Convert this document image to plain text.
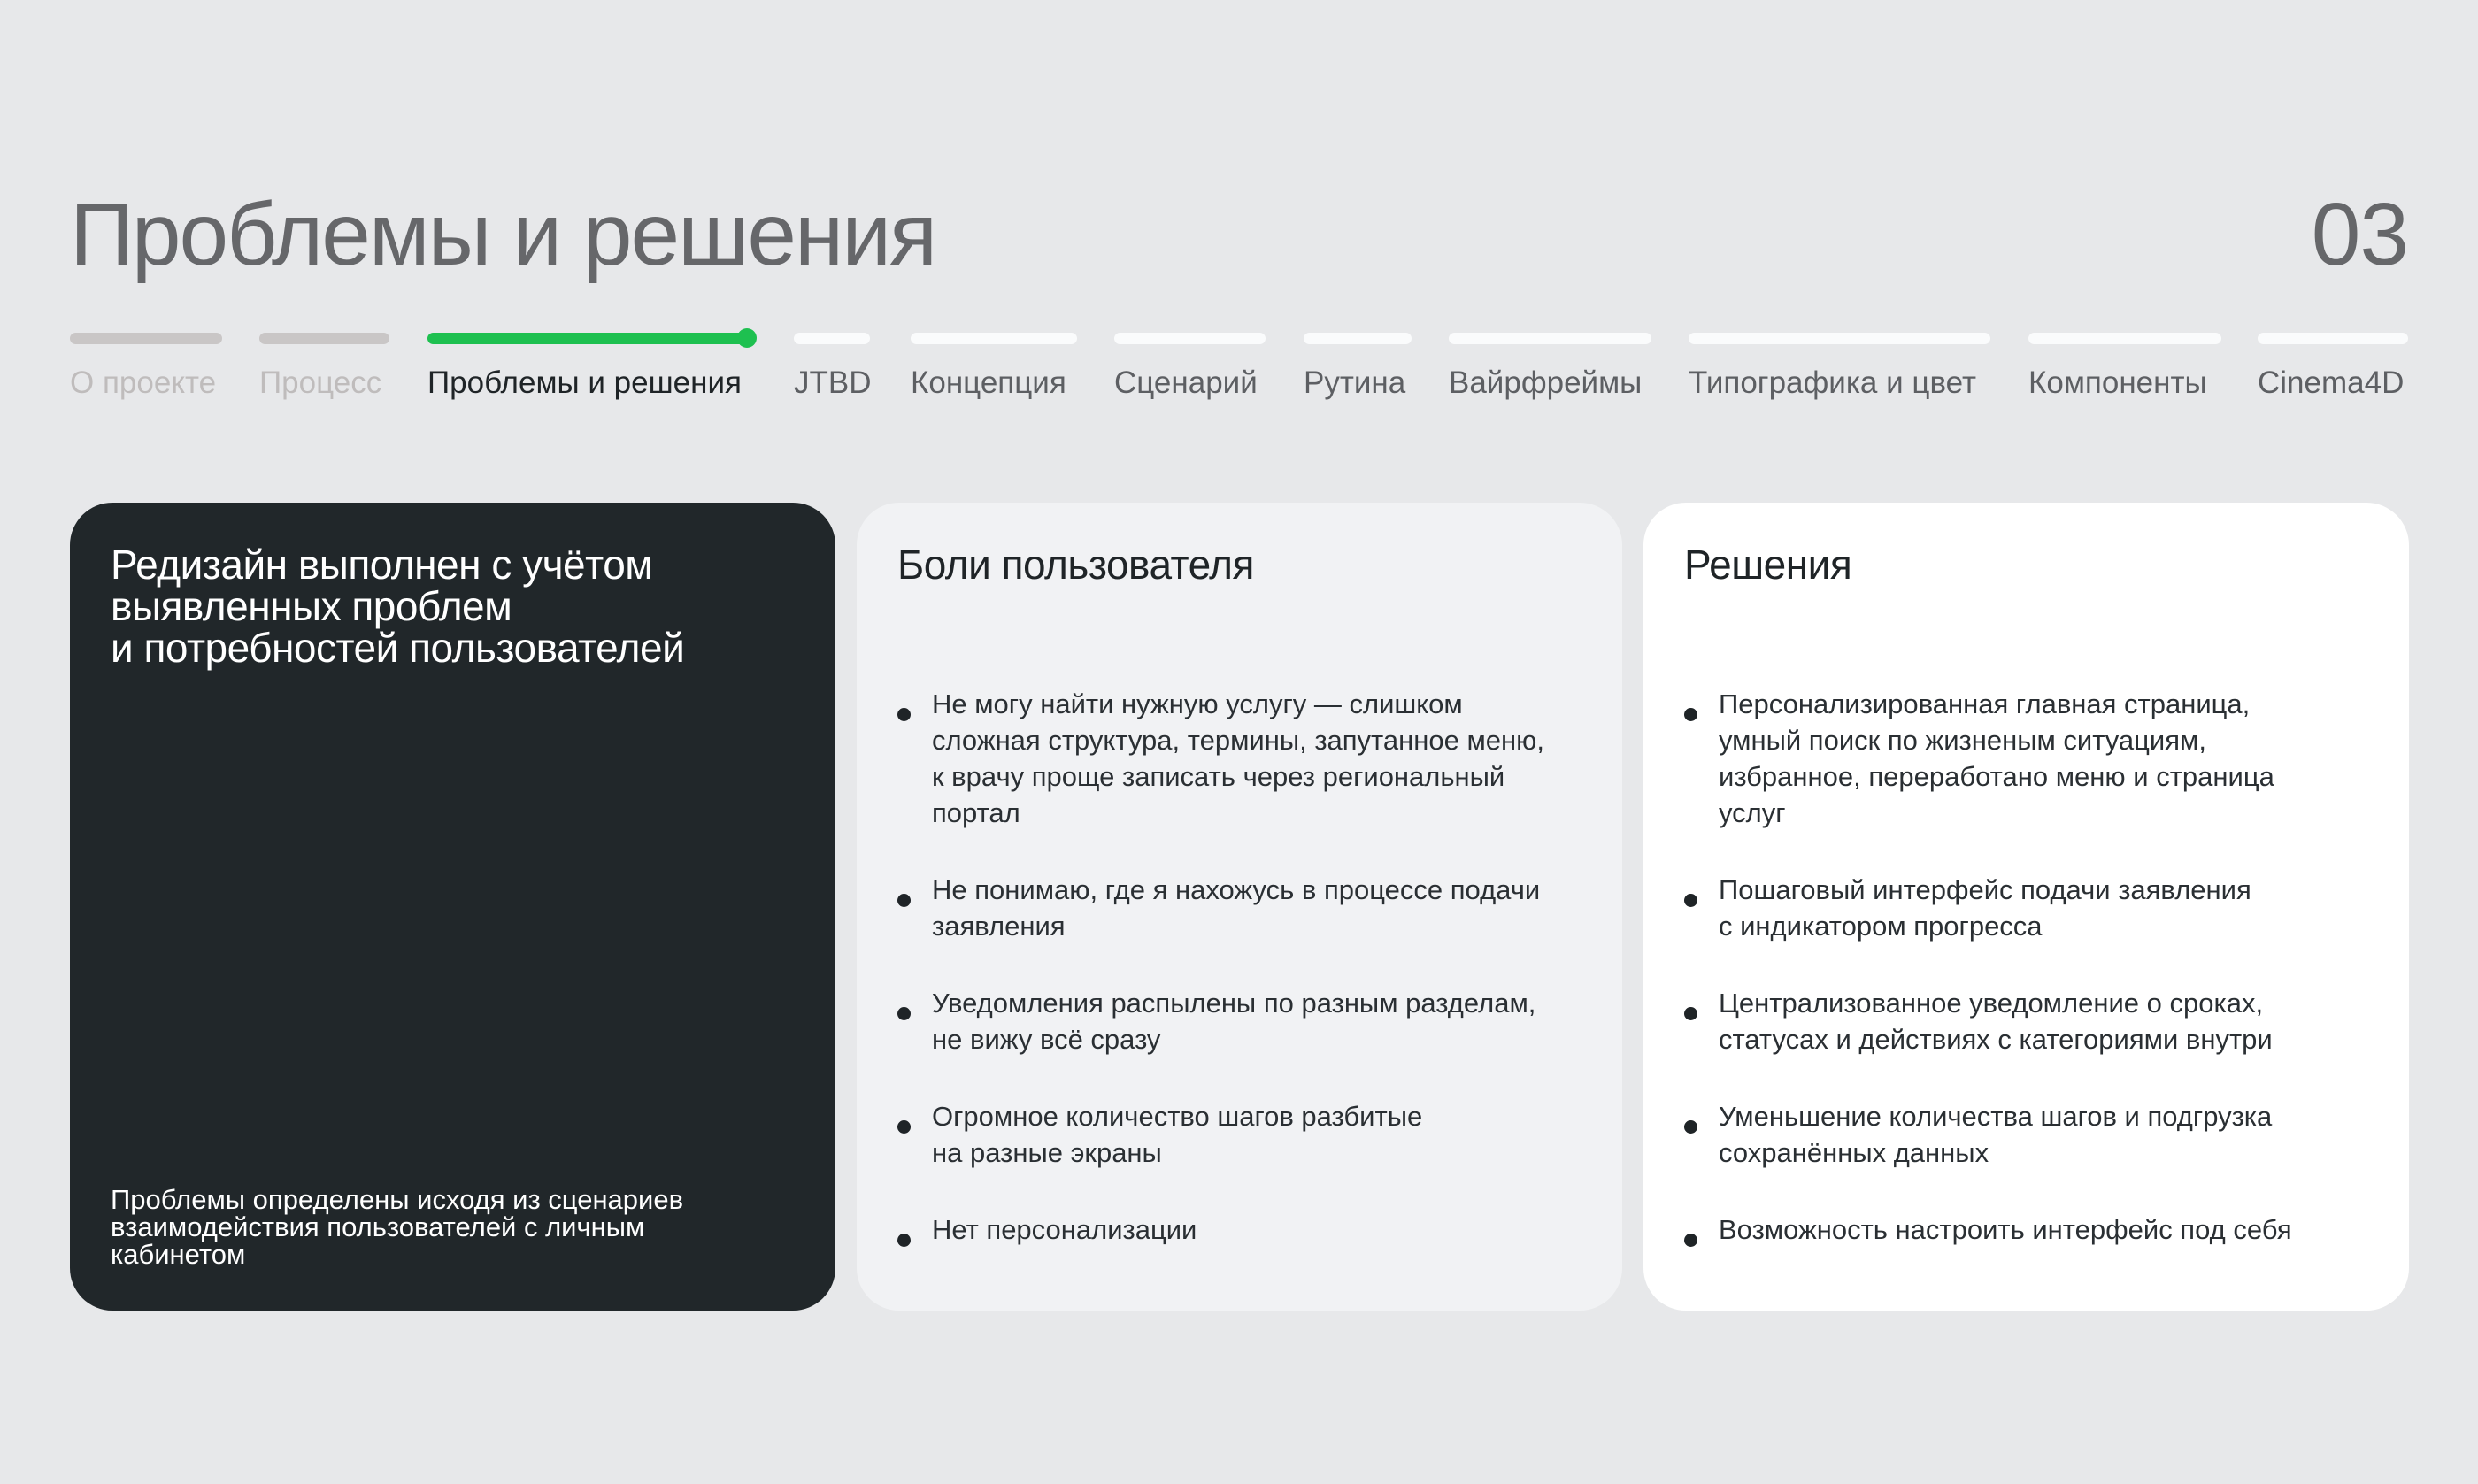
Проблемы и решения	03
О проекте Процесс Проблемы и решения JTBD Концепция Сценарий Рутина Вайрфреймы Типографика и цвет Компоненты Cinema4D
Редизайн выполнен с учётом
выявленных проблем
и потребностей пользователей
Проблемы определены исходя из сценариев
взаимодействия пользователей с личным
кабинетом
Боли пользователя
Не могу найти нужную услугу — слишком
сложная структура, термины, запутанное меню,
к врачу проще записать через региональный
портал
Не понимаю, где я нахожусь в процессе подачи
заявления
Уведомления распылены по разным разделам,
не вижу всё сразу
Огромное количество шагов разбитые
на разные экраны
Нет персонализации
Решения
Персонализированная главная страница,
умный поиск по жизненым ситуациям,
избранное, переработано меню и страница
услуг
Пошаговый интерфейс подачи заявления
с индикатором прогресса
Централизованное уведомление о сроках,
статусах и действиях с категориями внутри
Уменьшение количества шагов и подгрузка
сохранённых данных
Возможность настроить интерфейс под себя
